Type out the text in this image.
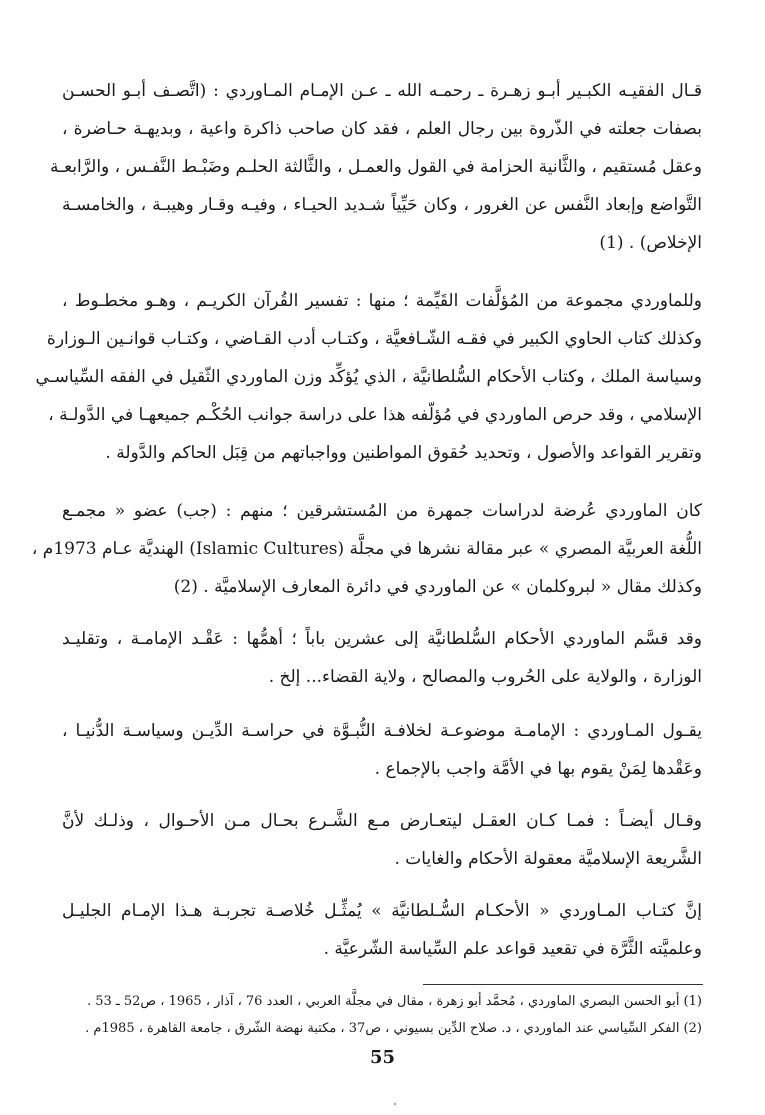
قـال الفقيـه الكبـير أبـو زهـرة ـ رحمـه الله ـ عـن الإمـام المـاوردي : (اتَّصـف أبـو الحسـن
بصفات جعلته في الذّروة بين رجال العلم ، فقد كان صاحب ذاكرة واعية ، وبديهـة حـاضرة ،
وعقل مُستقيم ، والثَّانية الحزامة في القول والعمـل ، والثَّالثة الحلـم وضَبْـط النَّفـس ، والرَّابعـة
التَّواضع وإبعاد النَّفس عن الغرور ، وكان حَيِّياً شـديد الحيـاء ، وفيـه وقـار وهيبـة ، والخامسـة
الإخلاص) . (1)
وللماوردي مجموعة من المُؤلَّفات القَيِّمة ؛ منها : تفسير القُرآن الكريـم ، وهـو مخطـوط ،
وكذلك كتاب الحاوي الكبير في فقـه الشّـافعيَّة ، وكتـاب أدب القـاضي ، وكتـاب قوانـين الـوزارة
وسياسة الملك ، وكتاب الأحكام السُّلطانيَّة ، الذي يُؤكِّد وزن الماوردي الثّقيل في الفقه السِّياسـي
الإسلامي ، وقد حرص الماوردي في مُؤلّفه هذا على دراسة جوانب الحُكْـم جميعهـا في الدَّولـة ،
وتقرير القواعد والأصول ، وتحديد حُقوق المواطنين وواجباتهم من قِبَل الحاكم والدَّولة .
كان الماوردي عُرضة لدراسات جمهرة من المُستشرقين ؛ منهم : (جب) عضو « مجمـع
اللُّغة العربيَّة المصري » عبر مقالة نشرها في مجلَّة (Islamic Cultures) الهنديَّة عـام 1973م ،
وكذلك مقال « لبروكلمان » عن الماوردي في دائرة المعارف الإسلاميَّة . (2)
وقد قسَّم الماوردي الأحكام السُّلطانيَّة إلى عشرين باباً ؛ أهمُّها : عَقْـد الإمامـة ، وتقليـد
الوزارة ، والولاية على الحُروب والمصالح ، ولاية القضاء... إلخ .
يقـول المـاوردي : الإمامـة موضوعـة لخلافـة النُّبـوَّة في حراسـة الدِّيـن وسياسـة الدُّنيـا ،
وعَقْدها لِمَنْ يقوم بها في الأمَّة واجب بالإجماع .
وقـال أيضـاً : فمـا كـان العقـل ليتعـارض مـع الشَّـرع بحـال مـن الأحـوال ، وذلـك لأنَّ
الشَّريعة الإسلاميَّة معقولة الأحكام والغايات .
إنَّ كتـاب المـاوردي « الأحكـام السُّـلطانيَّة » يُمثِّـل خُلاصـة تجربـة هـذا الإمـام الجليـل
وعلميَّته الثَّرَّة في تقعيد قواعد علم السِّياسة الشّرعيَّة .
(1) أبو الحسن البصري الماوردي ، مُحمَّد أبو زهرة ، مقال في مجلَّة العربي ، العدد 76 ، آذار ، 1965 ، ص52 ـ 53 .
(2) الفكر السِّياسي عند الماوردي ، د. صلاح الدِّين بسيوني ، ص37 ، مكتبة نهضة الشّرق ، جامعة القاهرة ، 1985م .
55
